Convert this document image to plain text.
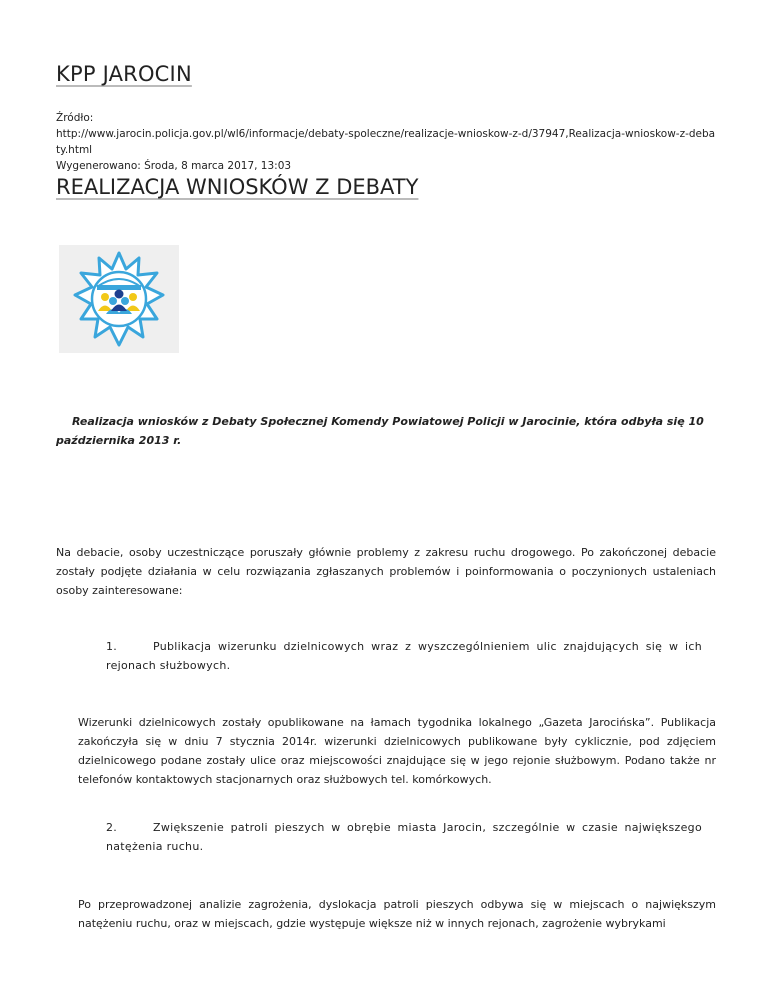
KPP JAROCIN
Źródło:
http://www.jarocin.policja.gov.pl/wl6/informacje/debaty-spoleczne/realizacje-wnioskow-z-d/37947,Realizacja-wnioskow-z-debaty.html
Wygenerowano: Środa, 8 marca 2017, 13:03
REALIZACJA WNIOSKÓW Z DEBATY

Realizacja wniosków z Debaty Społecznej Komendy Powiatowej Policji w Jarocinie, która odbyła się 10 października 2013 r.

Na debacie, osoby uczestniczące poruszały głównie problemy z zakresu ruchu drogowego. Po zakończonej debacie zostały podjęte działania w celu rozwiązania zgłaszanych problemów i poinformowania o poczynionych ustaleniach osoby zainteresowane:

1.	Publikacja wizerunku dzielnicowych wraz z wyszczególnieniem ulic znajdujących się w ich rejonach służbowych.

Wizerunki dzielnicowych zostały opublikowane na łamach tygodnika lokalnego „Gazeta Jarocińska”. Publikacja zakończyła się w dniu 7 stycznia 2014r. wizerunki dzielnicowych publikowane były cyklicznie, pod zdjęciem dzielnicowego podane zostały ulice oraz miejscowości znajdujące się w jego rejonie służbowym. Podano także nr telefonów kontaktowych stacjonarnych oraz służbowych tel. komórkowych.

2.	Zwiększenie patroli pieszych w obrębie miasta Jarocin, szczególnie w czasie największego natężenia ruchu.

Po przeprowadzonej analizie zagrożenia, dyslokacja patroli pieszych odbywa się w miejscach o największym natężeniu ruchu, oraz w miejscach, gdzie występuje większe niż w innych rejonach, zagrożenie wybrykami
